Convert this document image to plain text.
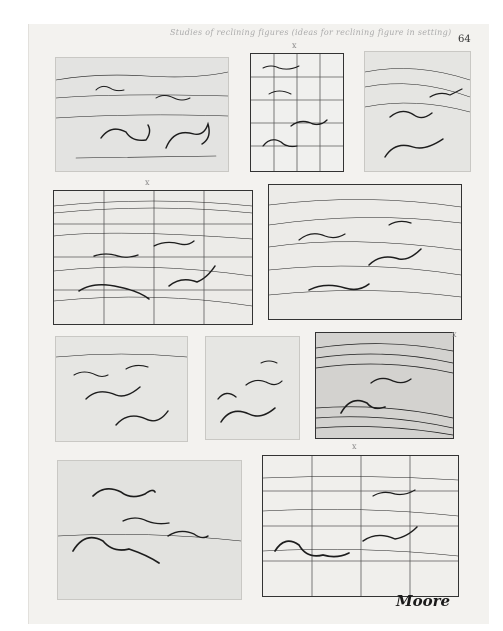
Studies of reclining figures (ideas for reclining figure in setting)
64
x
x
x
x
Moore
